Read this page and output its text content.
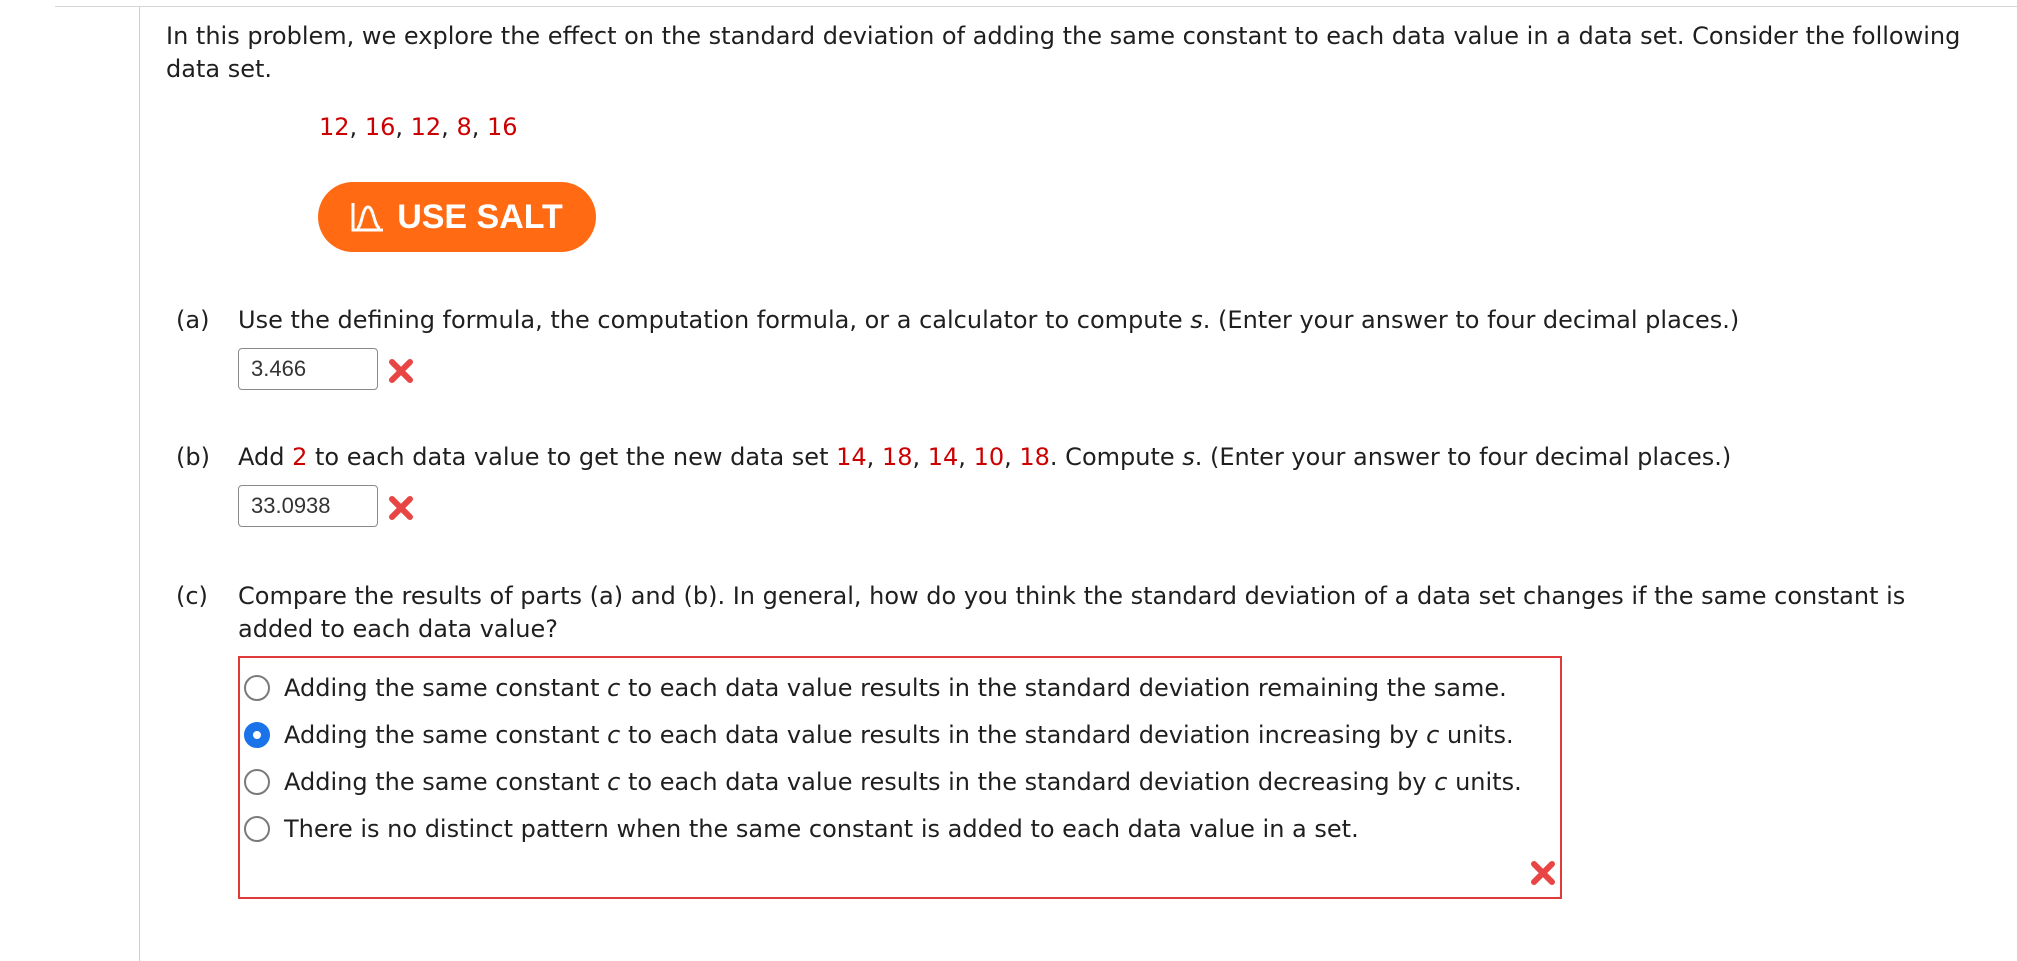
In this problem, we explore the effect on the standard deviation of adding the same constant to each data value in a data set. Consider the following data set.
12, 16, 12, 8, 16
USE SALT
(a) Use the defining formula, the computation formula, or a calculator to compute s. (Enter your answer to four decimal places.)
3.466
(b) Add 2 to each data value to get the new data set 14, 18, 14, 10, 18. Compute s. (Enter your answer to four decimal places.)
33.0938
(c) Compare the results of parts (a) and (b). In general, how do you think the standard deviation of a data set changes if the same constant is added to each data value?
Adding the same constant c to each data value results in the standard deviation remaining the same.
Adding the same constant c to each data value results in the standard deviation increasing by c units.
Adding the same constant c to each data value results in the standard deviation decreasing by c units.
There is no distinct pattern when the same constant is added to each data value in a set.
